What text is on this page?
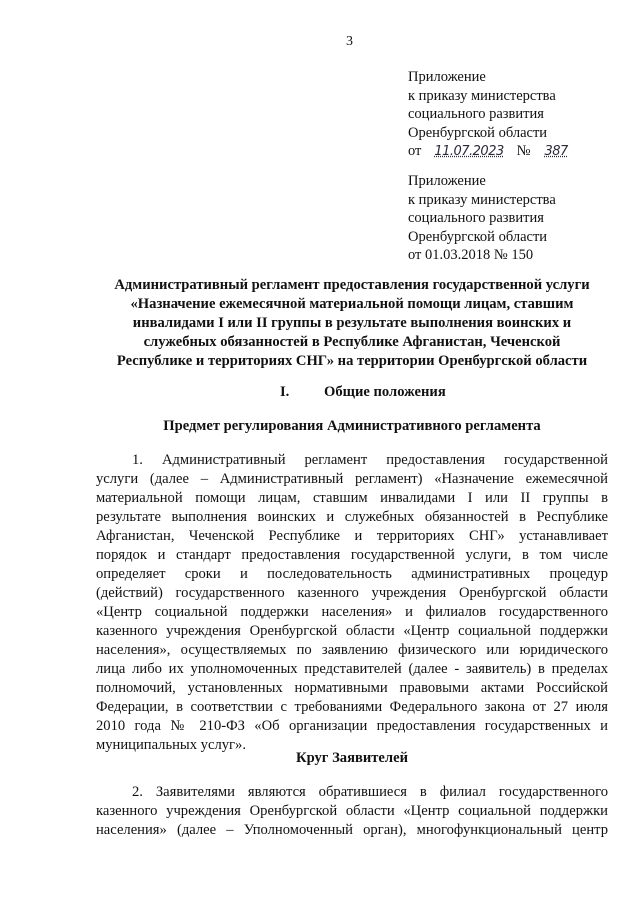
3
Приложение
к приказу министерства
социального развития
Оренбургской области
от 11.07.2023 № 387
Приложение
к приказу министерства
социального развития
Оренбургской области
от 01.03.2018 № 150
Административный регламент предоставления государственной услуги
«Назначение ежемесячной материальной помощи лицам, ставшим
инвалидами I или II группы в результате выполнения воинских и
служебных обязанностей в Республике Афганистан, Чеченской
Республике и территориях СНГ» на территории Оренбургской области
I. Общие положения
Предмет регулирования Административного регламента
1. Административный регламент предоставления государственной
услуги (далее – Административный регламент) «Назначение ежемесячной
материальной помощи лицам, ставшим инвалидами I или II группы в
результате выполнения воинских и служебных обязанностей в Республике
Афганистан, Чеченской Республике и территориях СНГ» устанавливает
порядок и стандарт предоставления государственной услуги, в том числе
определяет сроки и последовательность административных процедур
(действий) государственного казенного учреждения Оренбургской области
«Центр социальной поддержки населения» и филиалов государственного
казенного учреждения Оренбургской области «Центр социальной поддержки
населения», осуществляемых по заявлению физического или юридического
лица либо их уполномоченных представителей (далее - заявитель) в пределах
полномочий, установленных нормативными правовыми актами Российской
Федерации, в соответствии с требованиями Федерального закона от 27 июля
2010 года № 210-ФЗ «Об организации предоставления государственных и
муниципальных услуг».
Круг Заявителей
2. Заявителями являются обратившиеся в филиал государственного
казенного учреждения Оренбургской области «Центр социальной поддержки
населения» (далее – Уполномоченный орган), многофункциональный центр
